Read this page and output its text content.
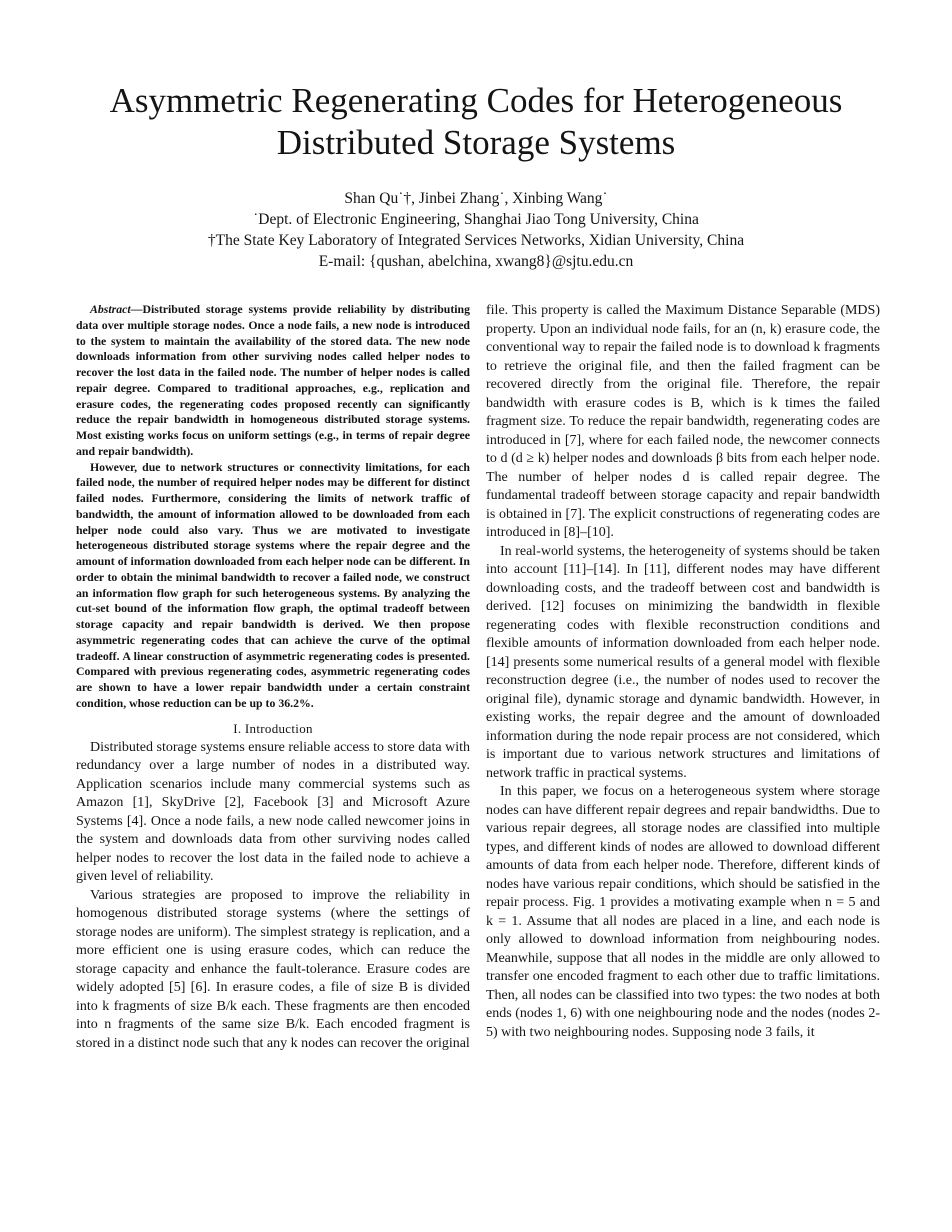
Asymmetric Regenerating Codes for Heterogeneous
Distributed Storage Systems
Shan Qu˙†, Jinbei Zhang˙, Xinbing Wang˙
˙Dept. of Electronic Engineering, Shanghai Jiao Tong University, China
†The State Key Laboratory of Integrated Services Networks, Xidian University, China
E-mail: {qushan, abelchina, xwang8}@sjtu.edu.cn

Abstract—Distributed storage systems provide reliability by distributing data over multiple storage nodes. Once a node fails, a new node is introduced to the system to maintain the availability of the stored data. The new node downloads information from other surviving nodes called helper nodes to recover the lost data in the failed node. The number of helper nodes is called repair degree. Compared to traditional approaches, e.g., replication and erasure codes, the regenerating codes proposed recently can significantly reduce the repair bandwidth in homogeneous distributed storage systems. Most existing works focus on uniform settings (e.g., in terms of repair degree and repair bandwidth).

However, due to network structures or connectivity limitations, for each failed node, the number of required helper nodes may be different for distinct failed nodes. Furthermore, considering the limits of network traffic of bandwidth, the amount of information allowed to be downloaded from each helper node could also vary. Thus we are motivated to investigate heterogeneous distributed storage systems where the repair degree and the amount of information downloaded from each helper node can be different. In order to obtain the minimal bandwidth to recover a failed node, we construct an information flow graph for such heterogeneous systems. By analyzing the cut-set bound of the information flow graph, the optimal tradeoff between storage capacity and repair bandwidth is derived. We then propose asymmetric regenerating codes that can achieve the curve of the optimal tradeoff. A linear construction of asymmetric regenerating codes is presented. Compared with previous regenerating codes, asymmetric regenerating codes are shown to have a lower repair bandwidth under a certain constraint condition, whose reduction can be up to 36.2%.

I. Introduction

Distributed storage systems ensure reliable access to store data with redundancy over a large number of nodes in a distributed way. Application scenarios include many commercial systems such as Amazon [1], SkyDrive [2], Facebook [3] and Microsoft Azure Systems [4]. Once a node fails, a new node called newcomer joins in the system and downloads data from other surviving nodes called helper nodes to recover the lost data in the failed node to achieve a given level of reliability.

Various strategies are proposed to improve the reliability in homogenous distributed storage systems (where the settings of storage nodes are uniform). The simplest strategy is replication, and a more efficient one is using erasure codes, which can reduce the storage capacity and enhance the fault-tolerance. Erasure codes are widely adopted [5] [6]. In erasure codes, a file of size B is divided into k fragments of size B/k each. These fragments are then encoded into n fragments of the same size B/k. Each encoded fragment is stored in a distinct node such that any k nodes can recover the original

file. This property is called the Maximum Distance Separable (MDS) property. Upon an individual node fails, for an (n, k) erasure code, the conventional way to repair the failed node is to download k fragments to retrieve the original file, and then the failed fragment can be recovered directly from the original file. Therefore, the repair bandwidth with erasure codes is B, which is k times the failed fragment size. To reduce the repair bandwidth, regenerating codes are introduced in [7], where for each failed node, the newcomer connects to d (d ≥ k) helper nodes and downloads β bits from each helper node. The number of helper nodes d is called repair degree. The fundamental tradeoff between storage capacity and repair bandwidth is obtained in [7]. The explicit constructions of regenerating codes are introduced in [8]–[10].

In real-world systems, the heterogeneity of systems should be taken into account [11]–[14]. In [11], different nodes may have different downloading costs, and the tradeoff between cost and bandwidth is derived. [12] focuses on minimizing the bandwidth in flexible regenerating codes with flexible reconstruction conditions and flexible amounts of information downloaded from each helper node. [14] presents some numerical results of a general model with flexible reconstruction degree (i.e., the number of nodes used to recover the original file), dynamic storage and dynamic bandwidth. However, in existing works, the repair degree and the amount of downloaded information during the node repair process are not considered, which is important due to various network structures and limitations of network traffic in practical systems.

In this paper, we focus on a heterogeneous system where storage nodes can have different repair degrees and repair bandwidths. Due to various repair degrees, all storage nodes are classified into multiple types, and different kinds of nodes are allowed to download different amounts of data from each helper node. Therefore, different kinds of nodes have various repair conditions, which should be satisfied in the repair process. Fig. 1 provides a motivating example when n = 5 and k = 1. Assume that all nodes are placed in a line, and each node is only allowed to download information from neighbouring nodes. Meanwhile, suppose that all nodes in the middle are only allowed to transfer one encoded fragment to each other due to traffic limitations. Then, all nodes can be classified into two types: the two nodes at both ends (nodes 1, 6) with one neighbouring node and the nodes (nodes 2-5) with two neighbouring nodes. Supposing node 3 fails, it
